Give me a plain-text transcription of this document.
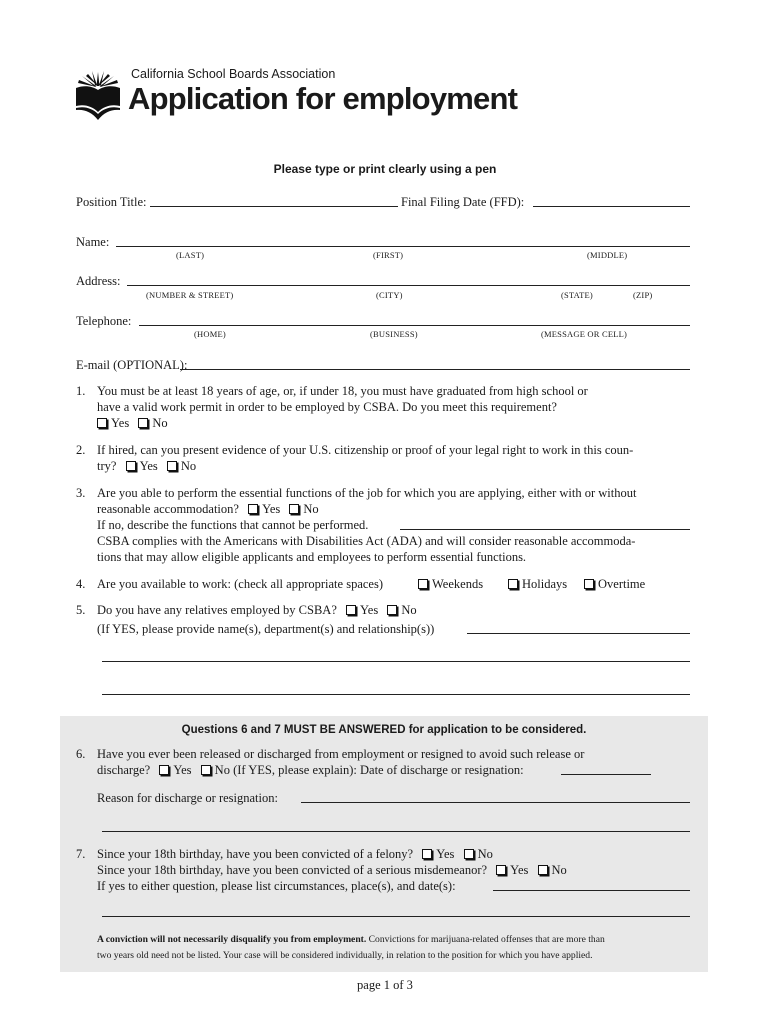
California School Boards Association
Application for employment
Please type or print clearly using a pen
Position Title:	Final Filing Date (FFD):
Name:
(LAST)	(FIRST)	(MIDDLE)
Address:
(NUMBER & STREET)	(CITY)	(STATE)	(ZIP)
Telephone:
(HOME)	(BUSINESS)	(MESSAGE OR CELL)
E-mail (OPTIONAL):
1. You must be at least 18 years of age, or, if under 18, you must have graduated from high school or
have a valid work permit in order to be employed by CSBA. Do you meet this requirement?
Yes No
2. If hired, can you present evidence of your U.S. citizenship or proof of your legal right to work in this coun-
try? Yes No
3. Are you able to perform the essential functions of the job for which you are applying, either with or without
reasonable accommodation? Yes No
If no, describe the functions that cannot be performed.
CSBA complies with the Americans with Disabilities Act (ADA) and will consider reasonable accommoda-
tions that may allow eligible applicants and employees to perform essential functions.
4. Are you available to work: (check all appropriate spaces)	Weekends	Holidays	Overtime
5. Do you have any relatives employed by CSBA? Yes No
(If YES, please provide name(s), department(s) and relationship(s))
Questions 6 and 7 MUST BE ANSWERED for application to be considered.
6. Have you ever been released or discharged from employment or resigned to avoid such release or
discharge? Yes No (If YES, please explain): Date of discharge or resignation:
Reason for discharge or resignation:
7. Since your 18th birthday, have you been convicted of a felony? Yes No
Since your 18th birthday, have you been convicted of a serious misdemeanor? Yes No
If yes to either question, please list circumstances, place(s), and date(s):
A conviction will not necessarily disqualify you from employment. Convictions for marijuana-related offenses that are more than
two years old need not be listed. Your case will be considered individually, in relation to the position for which you have applied.
page 1 of 3
